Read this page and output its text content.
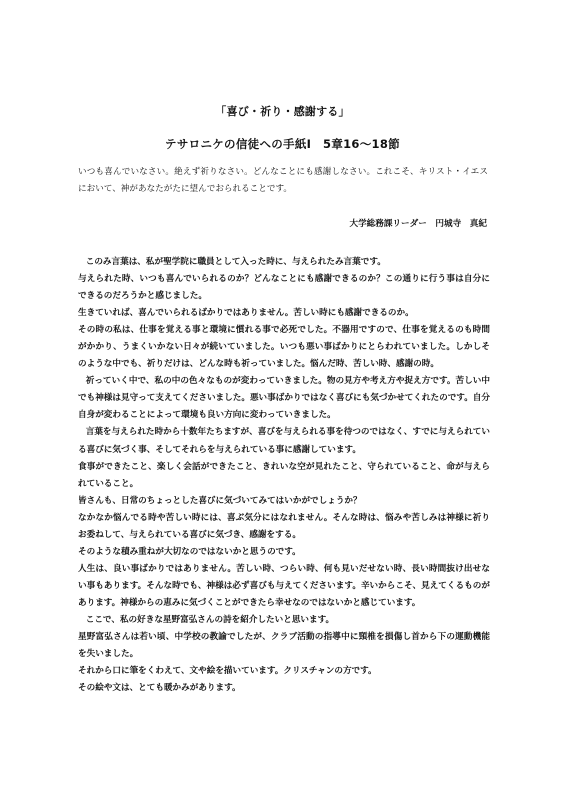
「喜び・祈り・感謝する」
テサロニケの信徒への手紙Ⅰ　5章16～18節
いつも喜んでいなさい。絶えず祈りなさい。どんなことにも感謝しなさい。これこそ、キリスト・イエスにおいて、神があなたがたに望んでおられることです。
大学総務課リーダー　円城寺　真紀

このみ言葉は、私が聖学院に職員として入った時に、与えられたみ言葉です。

与えられた時、いつも喜んでいられるのか？どんなことにも感謝できるのか？この通りに行う事は自分にできるのだろうかと感じました。

生きていれば、喜んでいられるばかりではありません。苦しい時にも感謝できるのか。

その時の私は、仕事を覚える事と環境に慣れる事で必死でした。不器用ですので、仕事を覚えるのも時間がかかり、うまくいかない日々が続いていました。いつも悪い事ばかりにとらわれていました。しかしそのような中でも、祈りだけは、どんな時も祈っていました。悩んだ時、苦しい時、感謝の時。

祈っていく中で、私の中の色々なものが変わっていきました。物の見方や考え方や捉え方です。苦しい中でも神様は見守って支えてくださいました。悪い事ばかりではなく喜びにも気づかせてくれたのです。自分自身が変わることによって環境も良い方向に変わっていきました。

言葉を与えられた時から十数年たちますが、喜びを与えられる事を待つのではなく、すでに与えられている喜びに気づく事、そしてそれらを与えられている事に感謝しています。

食事ができたこと、楽しく会話ができたこと、きれいな空が見れたこと、守られていること、命が与えられていること。

皆さんも、日常のちょっとした喜びに気づいてみてはいかがでしょうか？

なかなか悩んでる時や苦しい時には、喜ぶ気分にはなれません。そんな時は、悩みや苦しみは神様に祈りお委ねして、与えられている喜びに気づき、感謝をする。

そのような積み重ねが大切なのではないかと思うのです。

人生は、良い事ばかりではありません。苦しい時、つらい時、何も見いだせない時、長い時間抜け出せない事もあります。そんな時でも、神様は必ず喜びも与えてくださいます。辛いからこそ、見えてくるものがあります。神様からの恵みに気づくことができたら幸せなのではないかと感じています。

ここで、私の好きな星野富弘さんの詩を紹介したいと思います。

星野富弘さんは若い頃、中学校の教諭でしたが、クラブ活動の指導中に頸椎を損傷し首から下の運動機能を失いました。

それから口に筆をくわえて、文や絵を描いています。クリスチャンの方です。

その絵や文は、とても暖かみがあります。
